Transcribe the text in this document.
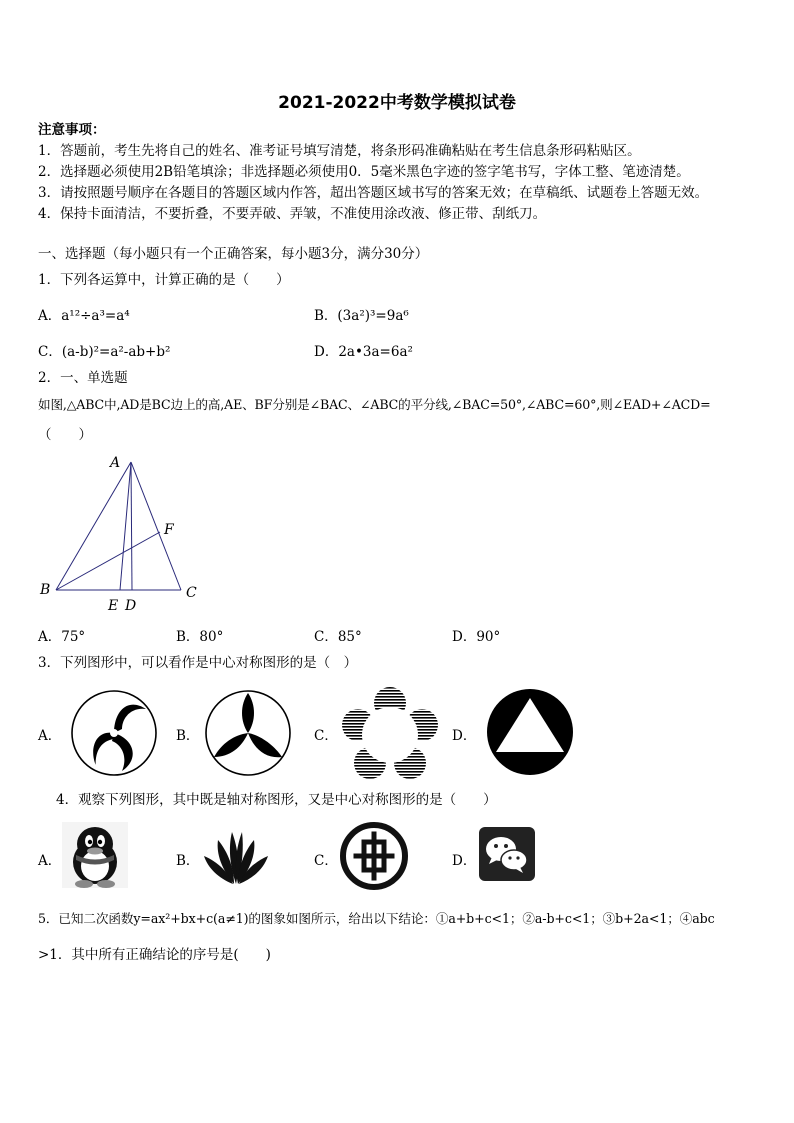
2021-2022中考数学模拟试卷
注意事项：
1．答题前，考生先将自己的姓名、准考证号填写清楚，将条形码准确粘贴在考生信息条形码粘贴区。
2．选择题必须使用2B铅笔填涂；非选择题必须使用0．5毫米黑色字迹的签字笔书写，字体工整、笔迹清楚。
3．请按照题号顺序在各题目的答题区域内作答，超出答题区域书写的答案无效；在草稿纸、试题卷上答题无效。
4．保持卡面清洁，不要折叠，不要弄破、弄皱，不准使用涂改液、修正带、刮纸刀。
一、选择题（每小题只有一个正确答案，每小题3分，满分30分）
1．下列各运算中，计算正确的是（　　）
A．a¹²÷a³=a⁴	B．(3a²)³=9a⁶
C．(a-b)²=a²-ab+b²	D．2a•3a=6a²
2．一、单选题
如图,△ABC中,AD是BC边上的高,AE、BF分别是∠BAC、∠ABC的平分线,∠BAC=50°,∠ABC=60°,则∠EAD+∠ACD=
（　　）
A
F
B	C
E D
A．75°	B．80°	C．85°	D．90°
3．下列图形中，可以看作是中心对称图形的是（　）
A．	B．	C．	D．
4．观察下列图形，其中既是轴对称图形，又是中心对称图形的是（　　）
A．	B．	C．	D．
5．已知二次函数y=ax²+bx+c(a≠1)的图象如图所示，给出以下结论：①a+b+c<1；②a-b+c<1；③b+2a<1；④abc
>1．其中所有正确结论的序号是(　　)
